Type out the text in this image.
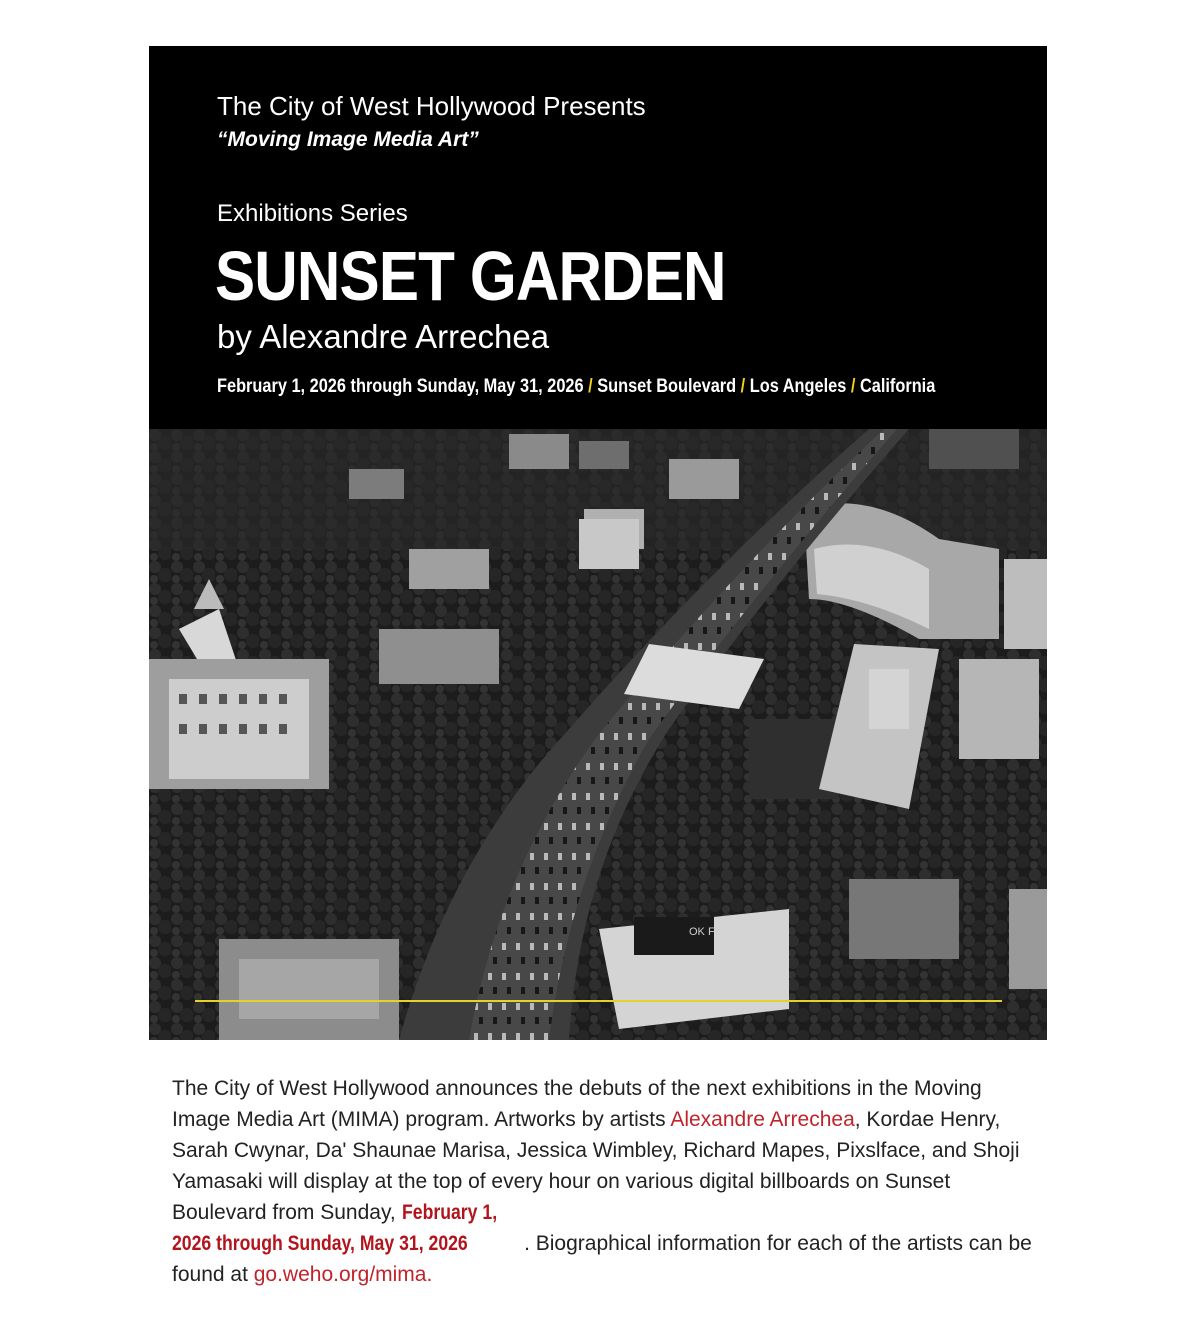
The City of West Hollywood Presents
“Moving Image Media Art”
Exhibitions Series
SUNSET GARDEN
by Alexandre Arrechea
February 1, 2026 through Sunday, May 31, 2026 / Sunset Boulevard / Los Angeles / California
OK Fit
The City of West Hollywood announces the debuts of the next exhibitions in the Moving Image Media Art (MIMA) program. Artworks by artists Alexandre Arrechea, Kordae Henry, Sarah Cwynar, Da' Shaunae Marisa, Jessica Wimbley, Richard Mapes, Pixslface, and Shoji Yamasaki will display at the top of every hour on various digital billboards on Sunset Boulevard from Sunday, February 1,
2026 through Sunday, May 31, 2026	. Biographical information for each of the artists can be found at go.weho.org/mima.
